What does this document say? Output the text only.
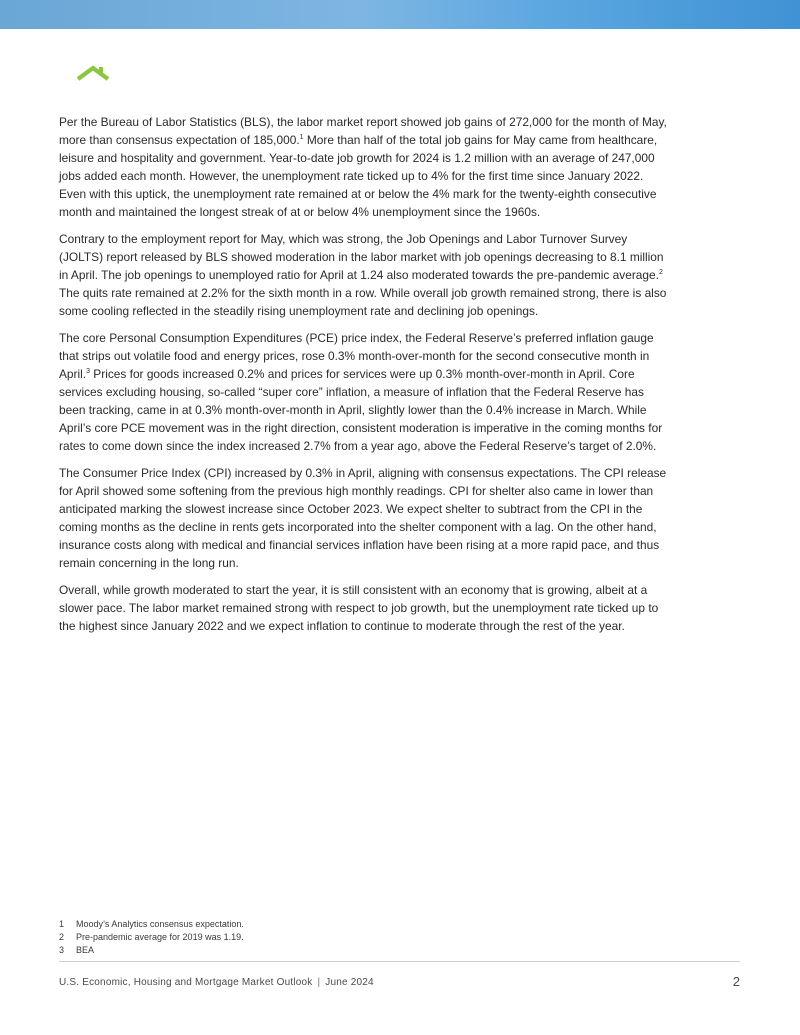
Per the Bureau of Labor Statistics (BLS), the labor market report showed job gains of 272,000 for the month of May, more than consensus expectation of 185,000.$^1$ More than half of the total job gains for May came from healthcare, leisure and hospitality and government. Year-to-date job growth for 2024 is 1.2 million with an average of 247,000 jobs added each month. However, the unemployment rate ticked up to 4% for the first time since January 2022. Even with this uptick, the unemployment rate remained at or below the 4% mark for the twenty-eighth consecutive month and maintained the longest streak of at or below 4% unemployment since the 1960s.

Contrary to the employment report for May, which was strong, the Job Openings and Labor Turnover Survey (JOLTS) report released by BLS showed moderation in the labor market with job openings decreasing to 8.1 million in April. The job openings to unemployed ratio for April at 1.24 also moderated towards the pre-pandemic average.$^2$ The quits rate remained at 2.2% for the sixth month in a row. While overall job growth remained strong, there is also some cooling reflected in the steadily rising unemployment rate and declining job openings.

The core Personal Consumption Expenditures (PCE) price index, the Federal Reserve’s preferred inflation gauge that strips out volatile food and energy prices, rose 0.3% month-over-month for the second consecutive month in April.$^3$ Prices for goods increased 0.2% and prices for services were up 0.3% month-over-month in April. Core services excluding housing, so-called “super core” inflation, a measure of inflation that the Federal Reserve has been tracking, came in at 0.3% month-over-month in April, slightly lower than the 0.4% increase in March. While April’s core PCE movement was in the right direction, consistent moderation is imperative in the coming months for rates to come down since the index increased 2.7% from a year ago, above the Federal Reserve’s target of 2.0%.

The Consumer Price Index (CPI) increased by 0.3% in April, aligning with consensus expectations. The CPI release for April showed some softening from the previous high monthly readings. CPI for shelter also came in lower than anticipated marking the slowest increase since October 2023. We expect shelter to subtract from the CPI in the coming months as the decline in rents gets incorporated into the shelter component with a lag. On the other hand, insurance costs along with medical and financial services inflation have been rising at a more rapid pace, and thus remain concerning in the long run.

Overall, while growth moderated to start the year, it is still consistent with an economy that is growing, albeit at a slower pace. The labor market remained strong with respect to job growth, but the unemployment rate ticked up to the highest since January 2022 and we expect inflation to continue to moderate through the rest of the year.

1	Moody’s Analytics consensus expectation.
2	Pre-pandemic average for 2019 was 1.19.
3	BEA
U.S. Economic, Housing and Mortgage Market Outlook | June 2024	2
